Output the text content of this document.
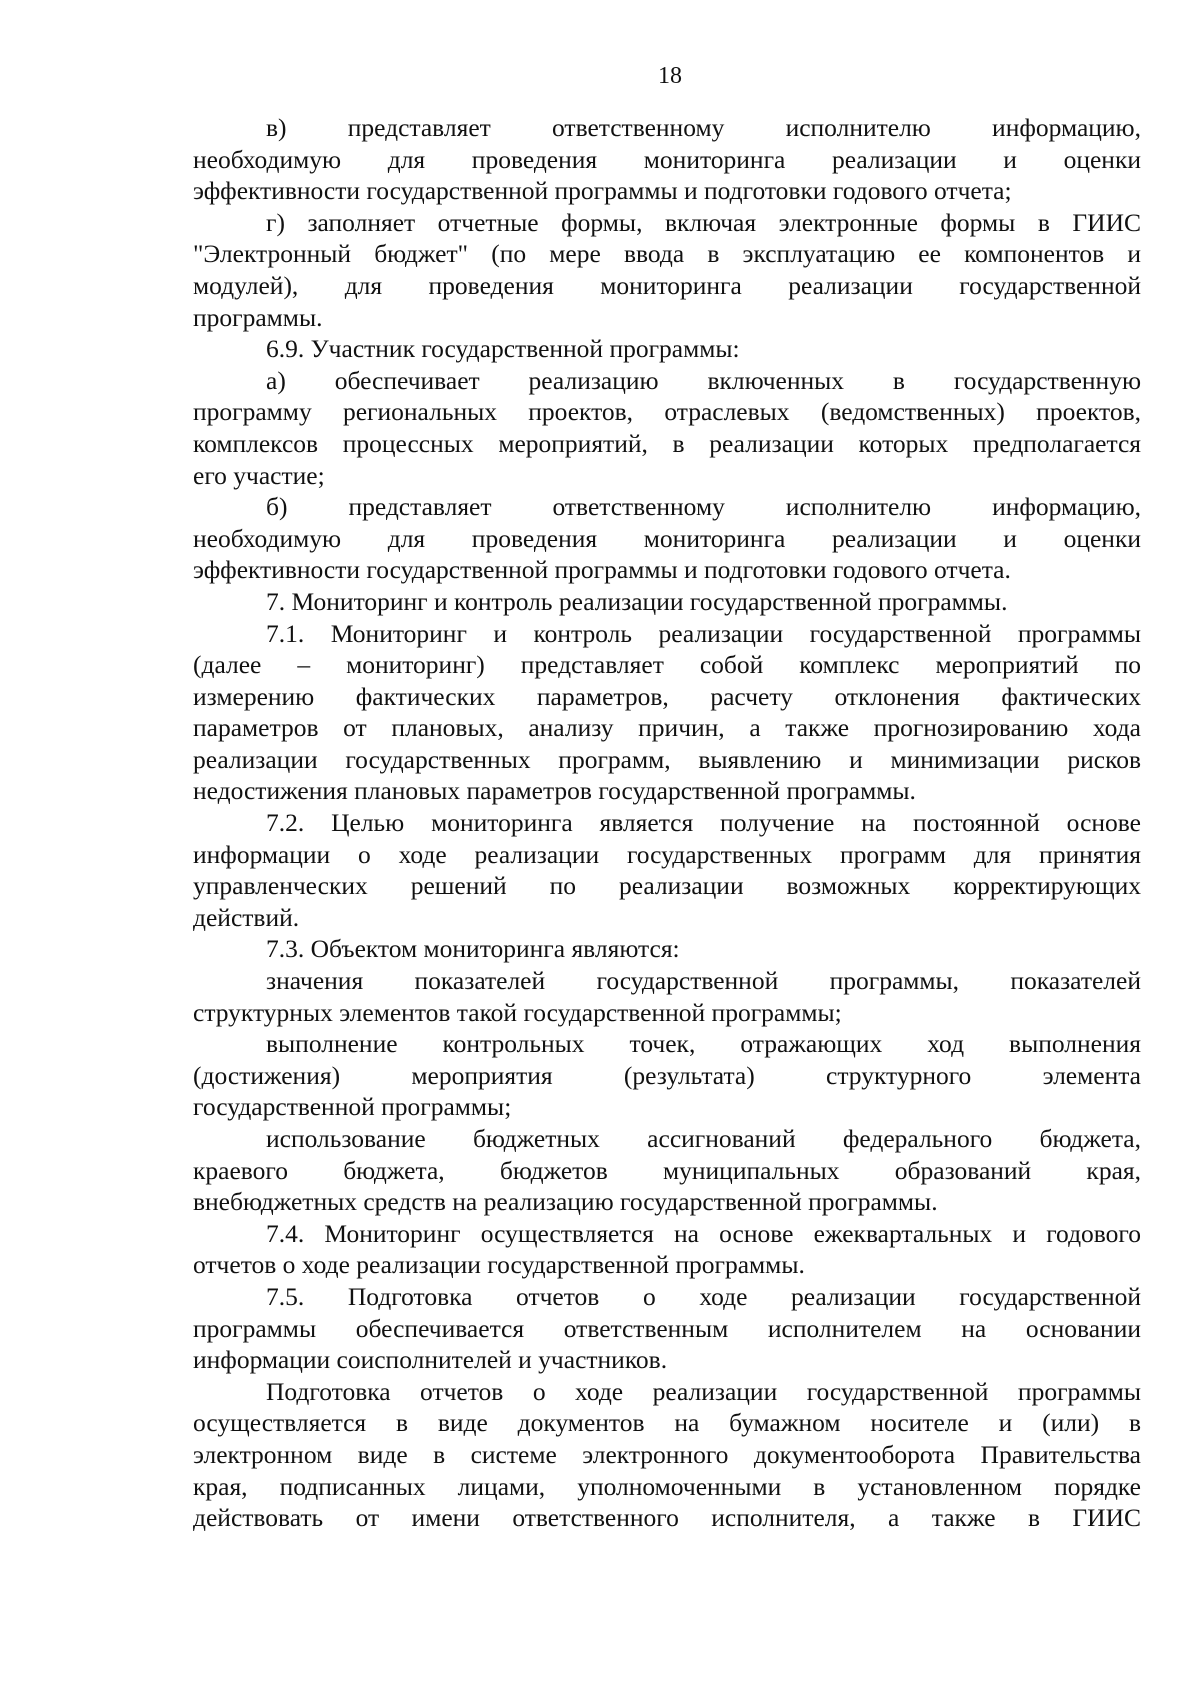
18
в) представляет ответственному исполнителю информацию,
необходимую для проведения мониторинга реализации и оценки
эффективности государственной программы и подготовки годового отчета;
г) заполняет отчетные формы, включая электронные формы в ГИИС
"Электронный бюджет" (по мере ввода в эксплуатацию ее компонентов и
модулей), для проведения мониторинга реализации государственной
программы.
6.9. Участник государственной программы:
а) обеспечивает реализацию включенных в государственную
программу региональных проектов, отраслевых (ведомственных) проектов,
комплексов процессных мероприятий, в реализации которых предполагается
его участие;
б) представляет ответственному исполнителю информацию,
необходимую для проведения мониторинга реализации и оценки
эффективности государственной программы и подготовки годового отчета.
7. Мониторинг и контроль реализации государственной программы.
7.1. Мониторинг и контроль реализации государственной программы
(далее – мониторинг) представляет собой комплекс мероприятий по
измерению фактических параметров, расчету отклонения фактических
параметров от плановых, анализу причин, а также прогнозированию хода
реализации государственных программ, выявлению и минимизации рисков
недостижения плановых параметров государственной программы.
7.2. Целью мониторинга является получение на постоянной основе
информации о ходе реализации государственных программ для принятия
управленческих решений по реализации возможных корректирующих
действий.
7.3. Объектом мониторинга являются:
значения показателей государственной программы, показателей
структурных элементов такой государственной программы;
выполнение контрольных точек, отражающих ход выполнения
(достижения) мероприятия (результата) структурного элемента
государственной программы;
использование бюджетных ассигнований федерального бюджета,
краевого бюджета, бюджетов муниципальных образований края,
внебюджетных средств на реализацию государственной программы.
7.4. Мониторинг осуществляется на основе ежеквартальных и годового
отчетов о ходе реализации государственной программы.
7.5. Подготовка отчетов о ходе реализации государственной
программы обеспечивается ответственным исполнителем на основании
информации соисполнителей и участников.
Подготовка отчетов о ходе реализации государственной программы
осуществляется в виде документов на бумажном носителе и (или) в
электронном виде в системе электронного документооборота Правительства
края, подписанных лицами, уполномоченными в установленном порядке
действовать от имени ответственного исполнителя, а также в ГИИС
